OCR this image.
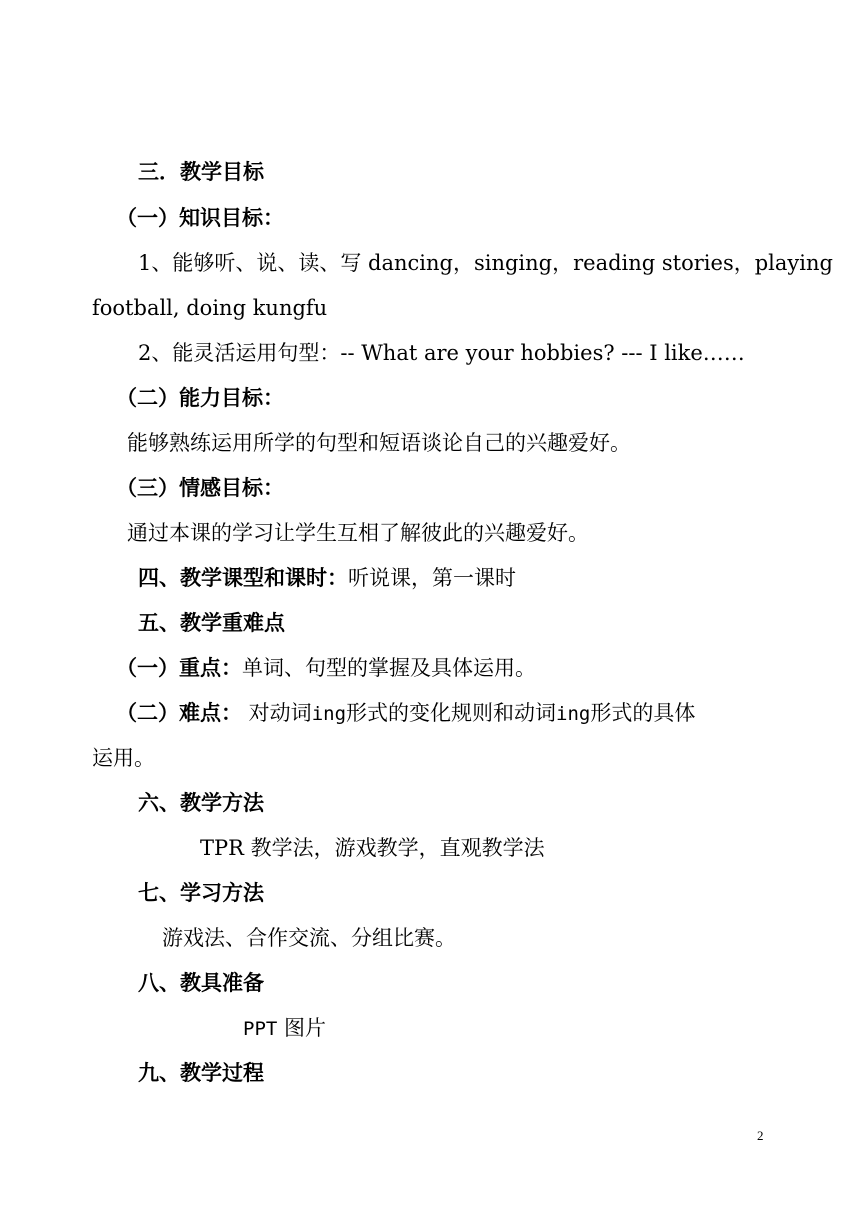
三．教学目标
（一）知识目标：
1、能够听、说、读、写 dancing，singing，reading stories，playing
football, doing kungfu
2、能灵活运用句型：-- What are your hobbies? --- I like……
（二）能力目标：
能够熟练运用所学的句型和短语谈论自己的兴趣爱好。
（三）情感目标：
通过本课的学习让学生互相了解彼此的兴趣爱好。
四、教学课型和课时：听说课，第一课时
五、教学重难点
（一）重点：单词、句型的掌握及具体运用。
（二）难点： 对动词ing形式的变化规则和动词ing形式的具体
运用。
六、教学方法
TPR 教学法，游戏教学，直观教学法
七、学习方法
游戏法、合作交流、分组比赛。
八、教具准备
PPT 图片
九、教学过程
2
